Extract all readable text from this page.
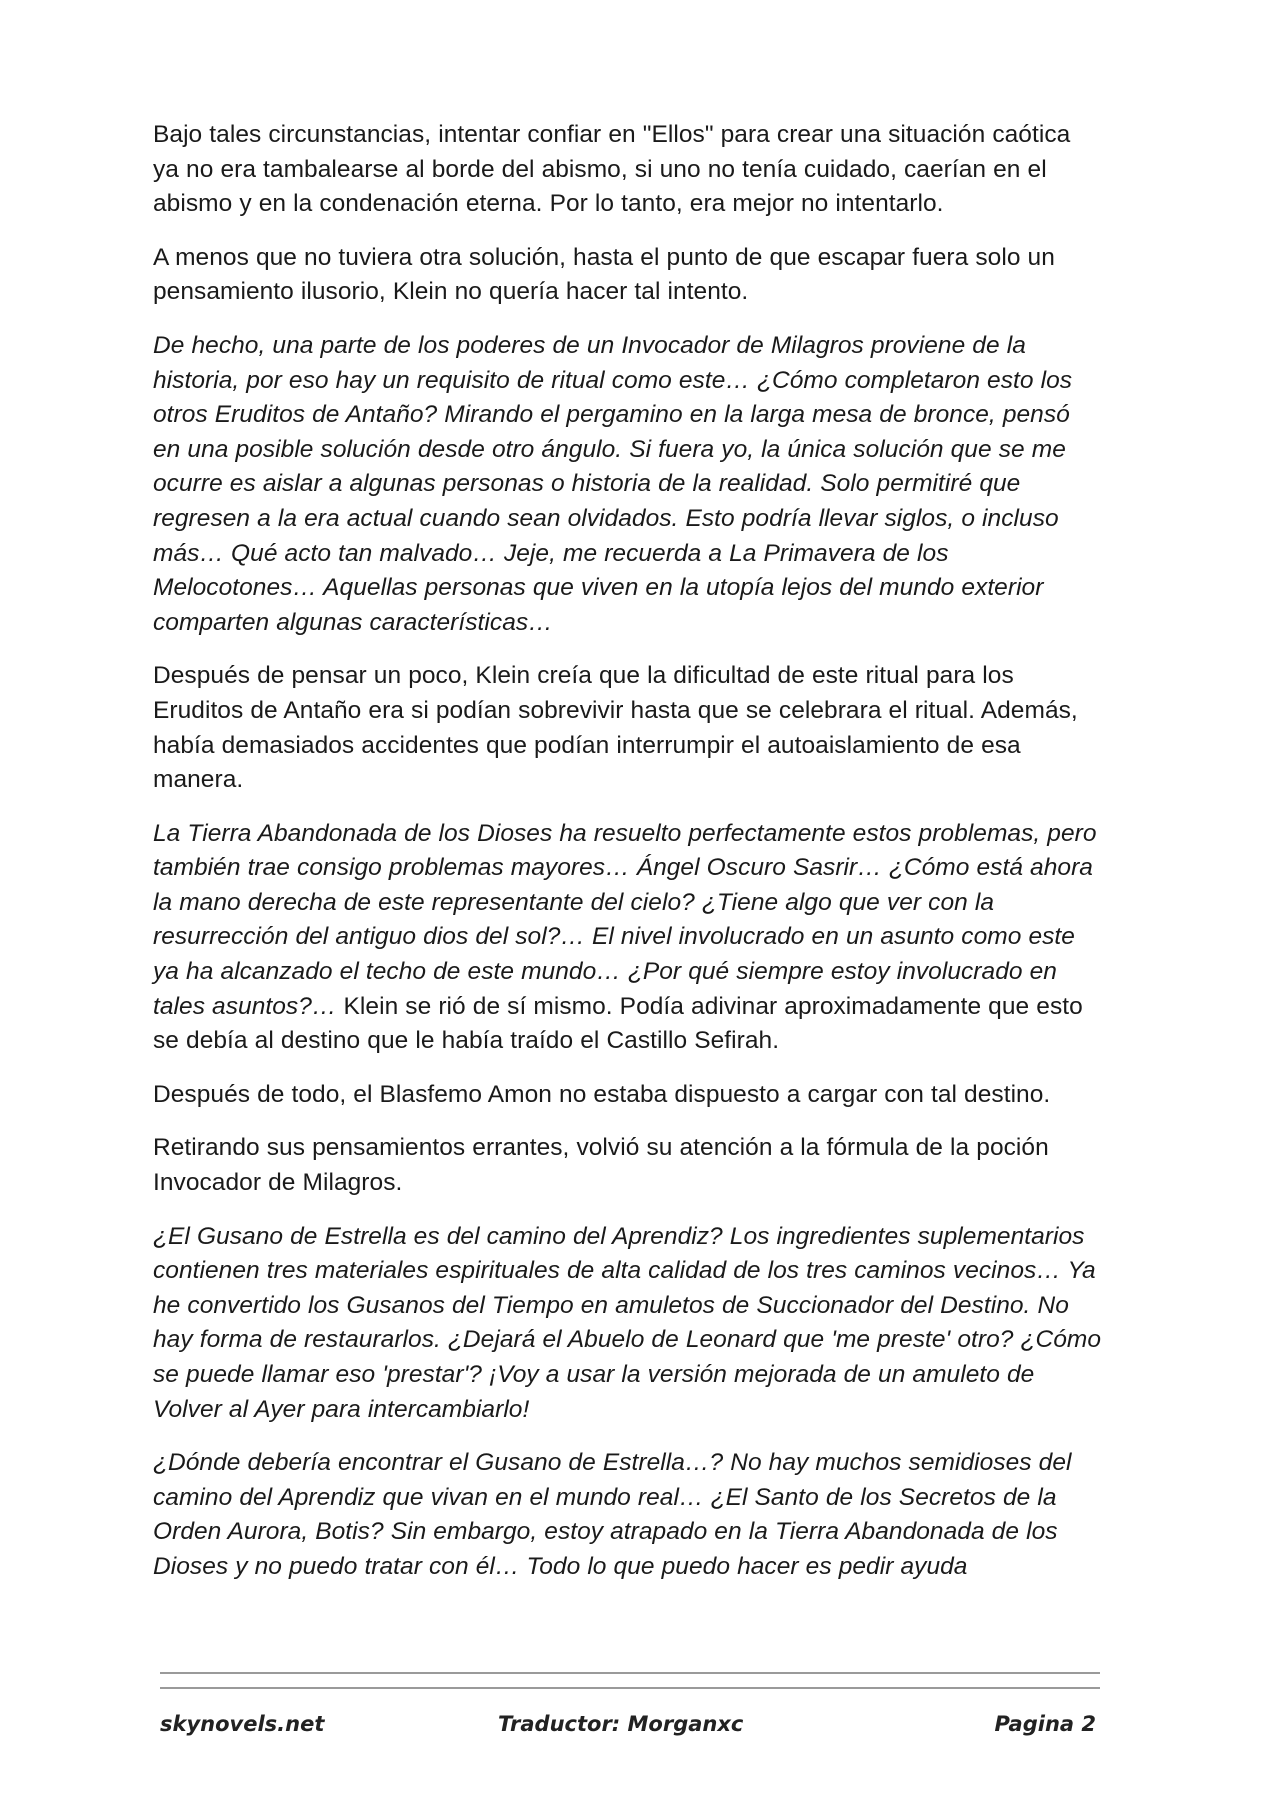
Bajo tales circunstancias, intentar confiar en "Ellos" para crear una situación caótica ya no era tambalearse al borde del abismo, si uno no tenía cuidado, caerían en el abismo y en la condenación eterna. Por lo tanto, era mejor no intentarlo.

A menos que no tuviera otra solución, hasta el punto de que escapar fuera solo un pensamiento ilusorio, Klein no quería hacer tal intento.

De hecho, una parte de los poderes de un Invocador de Milagros proviene de la historia, por eso hay un requisito de ritual como este… ¿Cómo completaron esto los otros Eruditos de Antaño? Mirando el pergamino en la larga mesa de bronce, pensó en una posible solución desde otro ángulo. Si fuera yo, la única solución que se me ocurre es aislar a algunas personas o historia de la realidad. Solo permitiré que regresen a la era actual cuando sean olvidados. Esto podría llevar siglos, o incluso más… Qué acto tan malvado… Jeje, me recuerda a La Primavera de los Melocotones… Aquellas personas que viven en la utopía lejos del mundo exterior comparten algunas características…

Después de pensar un poco, Klein creía que la dificultad de este ritual para los Eruditos de Antaño era si podían sobrevivir hasta que se celebrara el ritual. Además, había demasiados accidentes que podían interrumpir el autoaislamiento de esa manera.

La Tierra Abandonada de los Dioses ha resuelto perfectamente estos problemas, pero también trae consigo problemas mayores… Ángel Oscuro Sasrir… ¿Cómo está ahora la mano derecha de este representante del cielo? ¿Tiene algo que ver con la resurrección del antiguo dios del sol?… El nivel involucrado en un asunto como este ya ha alcanzado el techo de este mundo… ¿Por qué siempre estoy involucrado en tales asuntos?… Klein se rió de sí mismo. Podía adivinar aproximadamente que esto se debía al destino que le había traído el Castillo Sefirah.

Después de todo, el Blasfemo Amon no estaba dispuesto a cargar con tal destino.

Retirando sus pensamientos errantes, volvió su atención a la fórmula de la poción Invocador de Milagros.

¿El Gusano de Estrella es del camino del Aprendiz? Los ingredientes suplementarios contienen tres materiales espirituales de alta calidad de los tres caminos vecinos… Ya he convertido los Gusanos del Tiempo en amuletos de Succionador del Destino. No hay forma de restaurarlos. ¿Dejará el Abuelo de Leonard que 'me preste' otro? ¿Cómo se puede llamar eso 'prestar'? ¡Voy a usar la versión mejorada de un amuleto de Volver al Ayer para intercambiarlo!

¿Dónde debería encontrar el Gusano de Estrella…? No hay muchos semidioses del camino del Aprendiz que vivan en el mundo real… ¿El Santo de los Secretos de la Orden Aurora, Botis? Sin embargo, estoy atrapado en la Tierra Abandonada de los Dioses y no puedo tratar con él… Todo lo que puedo hacer es pedir ayuda

skynovels.net	Traductor: Morganxc	Pagina 2
